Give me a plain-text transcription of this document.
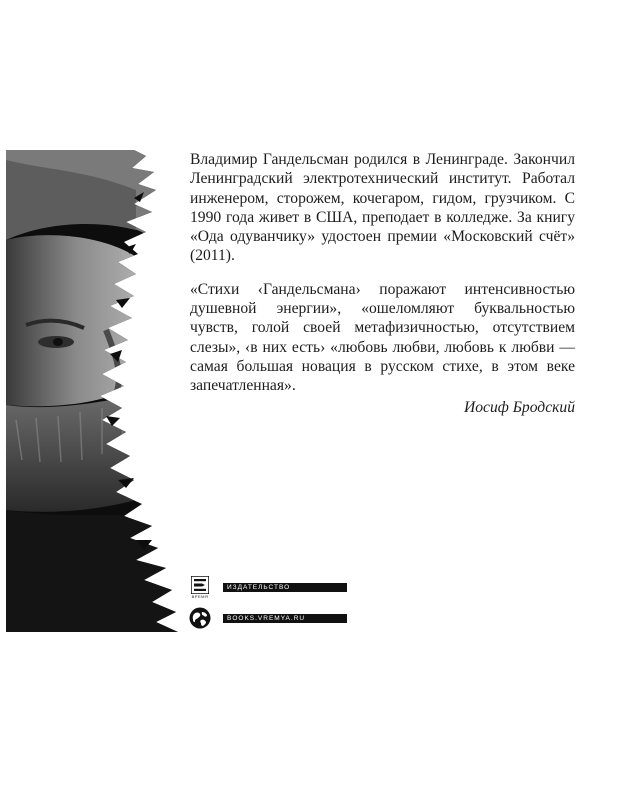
Владимир Гандельсман родился в Ленинграде. Закончил Ленинградский электротехнический институт. Работал инженером, сторожем, кочегаром, гидом, грузчиком. С 1990 года живет в США, преподает в колледже. За книгу «Ода одуванчику» удостоен премии «Московский счёт» (2011).

«Стихи ‹Гандельсмана› поражают интенсивностью душевной энергии», «ошеломляют буквальностью чувств, голой своей метафизичностью, отсутствием слезы», ‹в них есть› «любовь любви, любовь к любви — самая большая новация в русском стихе, в этом веке запечатленная».

Иосиф Бродский
ВРЕМЯ
ИЗДАТЕЛЬСТВО
BOOKS.VREMYA.RU
